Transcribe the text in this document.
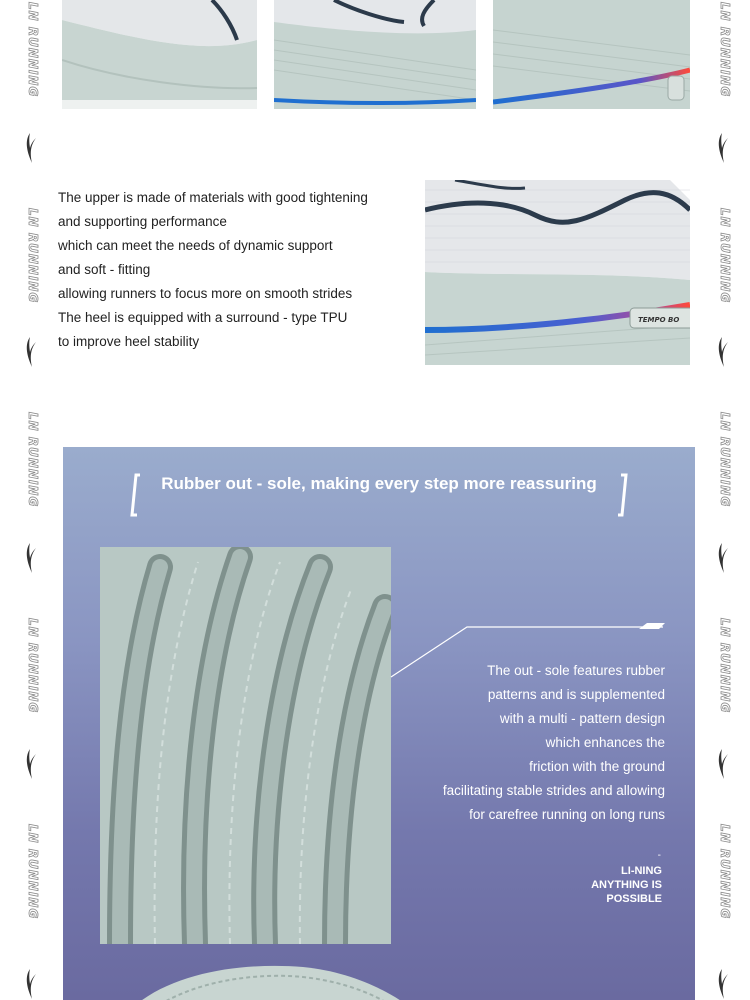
LN RUNNING
LN RUNNING
LN RUNNING
LN RUNNING
LN RUNNING
LN RUNNING
LN RUNNING
LN RUNNING
LN RUNNING
LN RUNNING
The upper is made of materials with good tightening
and supporting performance
which can meet the needs of dynamic support
and soft - fitting
allowing runners to focus more on smooth strides
The heel is equipped with a surround - type TPU
to improve heel stability
TEMPO BO
Rubber out - sole, making every step more reassuring
The out - sole features rubber
patterns and is supplemented
with a multi - pattern design
which enhances the
friction with the ground
facilitating stable strides and allowing
for carefree running on long runs
-
LI-NING
ANYTHING IS
POSSIBLE
